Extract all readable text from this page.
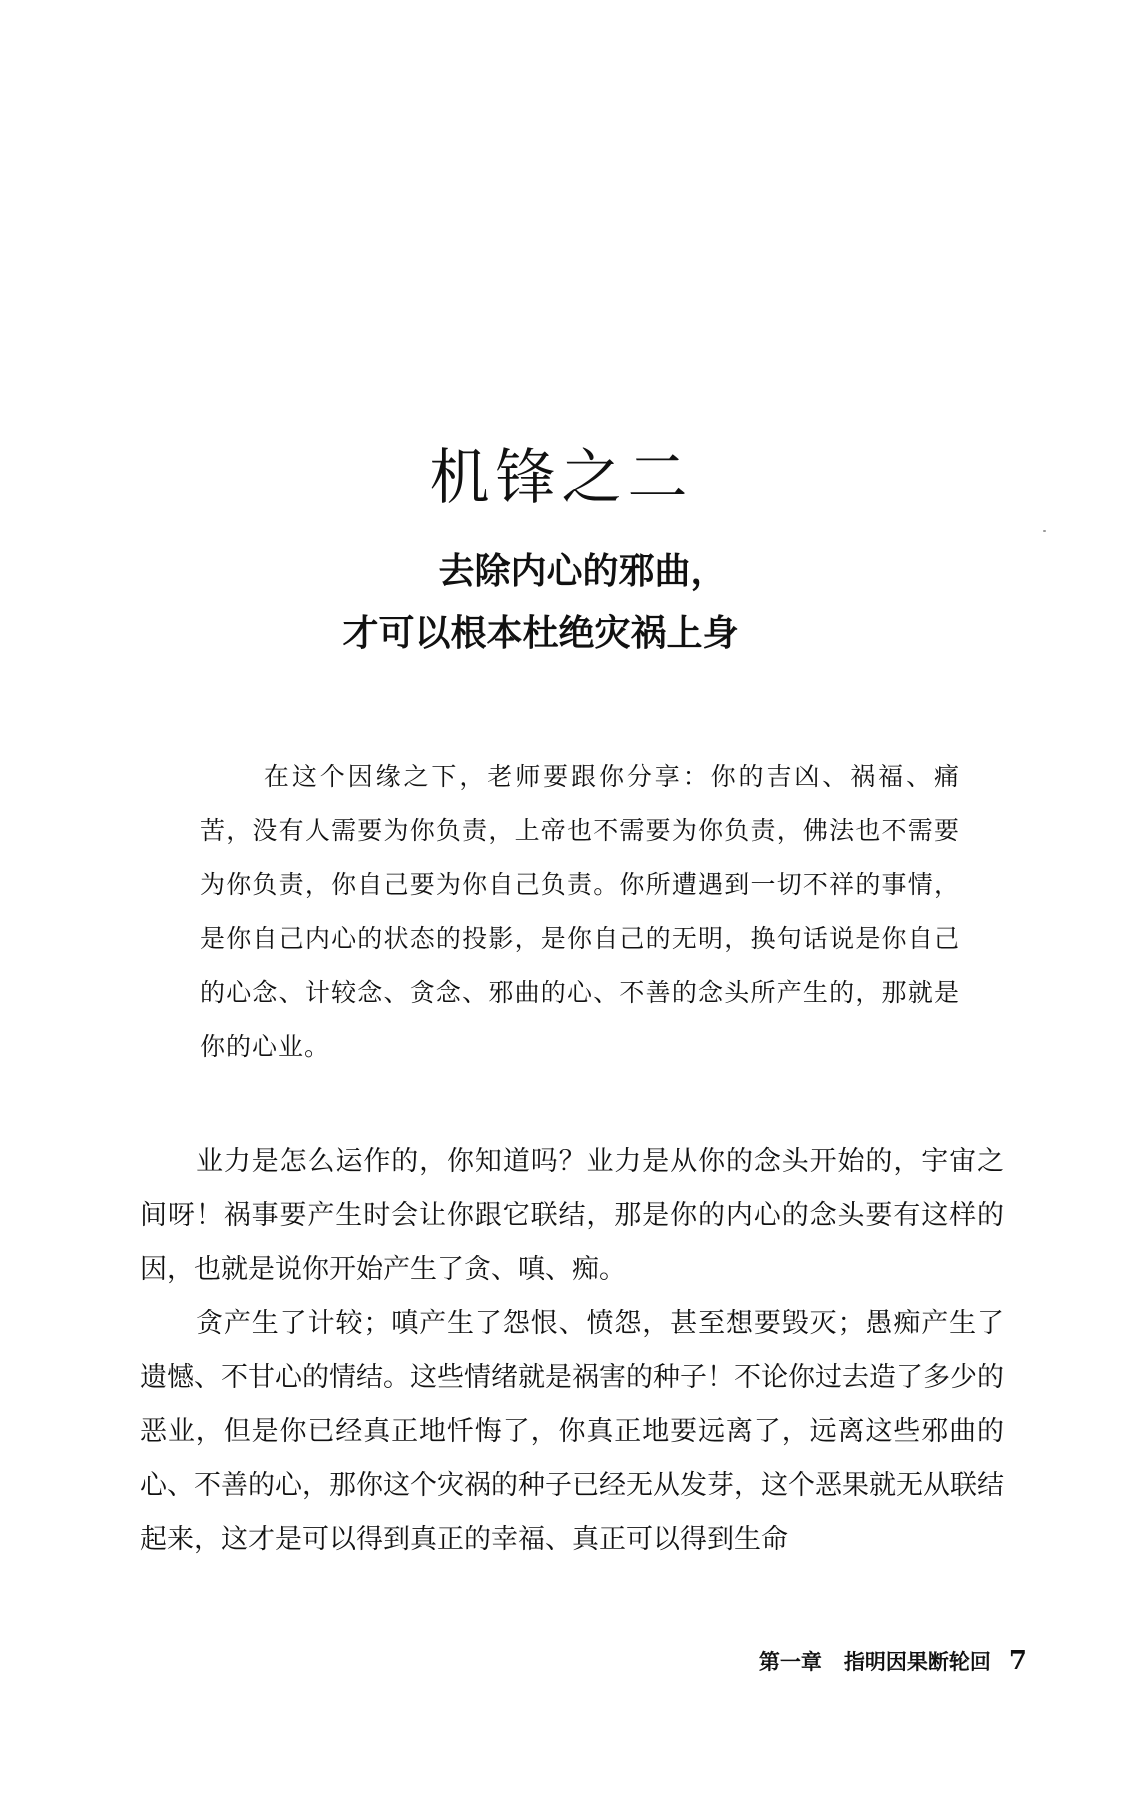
机锋之二
去除内心的邪曲，
才可以根本杜绝灾祸上身
在这个因缘之下，老师要跟你分享：你的吉凶、祸福、痛苦，没有人需要为你负责，上帝也不需要为你负责，佛法也不需要为你负责，你自己要为你自己负责。你所遭遇到一切不祥的事情，是你自己内心的状态的投影，是你自己的无明，换句话说是你自己的心念、计较念、贪念、邪曲的心、不善的念头所产生的，那就是你的心业。

业力是怎么运作的，你知道吗？业力是从你的念头开始的，宇宙之间呀！祸事要产生时会让你跟它联结，那是你的内心的念头要有这样的因，也就是说你开始产生了贪、嗔、痴。

贪产生了计较；嗔产生了怨恨、愤怨，甚至想要毁灭；愚痴产生了遗憾、不甘心的情结。这些情绪就是祸害的种子！不论你过去造了多少的恶业，但是你已经真正地忏悔了，你真正地要远离了，远离这些邪曲的心、不善的心，那你这个灾祸的种子已经无从发芽，这个恶果就无从联结起来，这才是可以得到真正的幸福、真正可以得到生命

第一章 指明因果断轮回 7
